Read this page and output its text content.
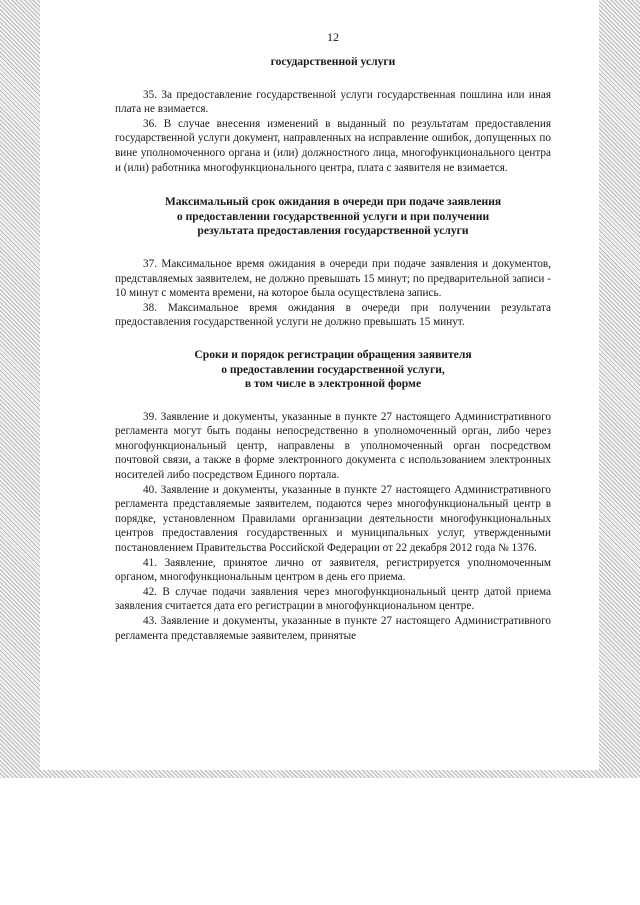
12

государственной услуги

35. За предоставление государственной услуги государственная пошлина или иная плата не взимается.

36. В случае внесения изменений в выданный по результатам предоставления государственной услуги документ, направленных на исправление ошибок, допущенных по вине уполномоченного органа и (или) должностного лица, многофункционального центра и (или) работника многофункционального центра, плата с заявителя не взимается.

Максимальный срок ожидания в очереди при подаче заявления
о предоставлении государственной услуги и при получении
результата предоставления государственной услуги

37. Максимальное время ожидания в очереди при подаче заявления и документов, представляемых заявителем, не должно превышать 15 минут; по предварительной записи - 10 минут с момента времени, на которое была осуществлена запись.

38. Максимальное время ожидания в очереди при получении результата предоставления государственной услуги не должно превышать 15 минут.

Сроки и порядок регистрации обращения заявителя
о предоставлении государственной услуги,
в том числе в электронной форме

39. Заявление и документы, указанные в пункте 27 настоящего Административного регламента могут быть поданы непосредственно в уполномоченный орган, либо через многофункциональный центр, направлены в уполномоченный орган посредством почтовой связи, а также в форме электронного документа с использованием электронных носителей либо посредством Единого портала.

40. Заявление и документы, указанные в пункте 27 настоящего Административного регламента представляемые заявителем, подаются через многофункциональный центр в порядке, установленном Правилами организации деятельности многофункциональных центров предоставления государственных и муниципальных услуг, утвержденными постановлением Правительства Российской Федерации от 22 декабря 2012 года № 1376.

41. Заявление, принятое лично от заявителя, регистрируется уполномоченным органом, многофункциональным центром в день его приема.

42. В случае подачи заявления через многофункциональный центр датой приема заявления считается дата его регистрации в многофункциональном центре.

43. Заявление и документы, указанные в пункте 27 настоящего Административного регламента представляемые заявителем, принятые
